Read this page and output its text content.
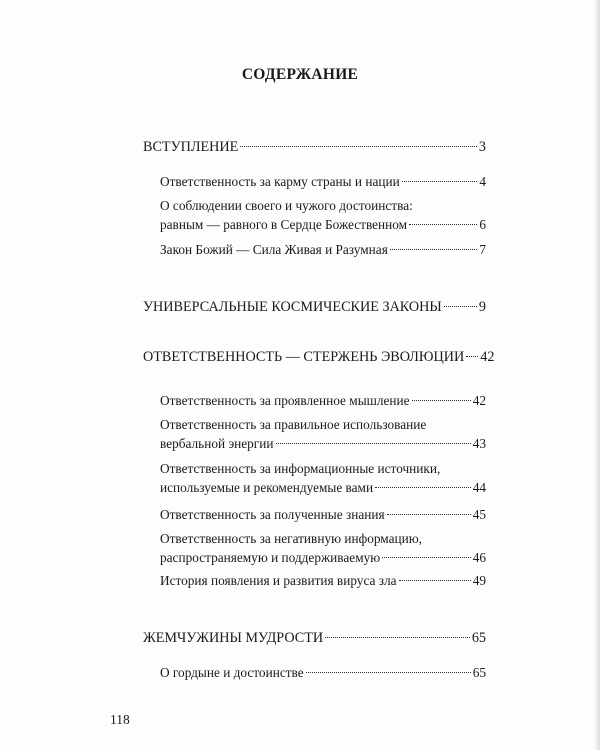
СОДЕРЖАНИЕ
ВСТУПЛЕНИЕ	3
Ответственность за карму страны и нации	4
О соблюдении своего и чужого достоинства:
равным — равного в Сердце Божественном	6
Закон Божий — Сила Живая и Разумная	7
УНИВЕРСАЛЬНЫЕ КОСМИЧЕСКИЕ ЗАКОНЫ	9
ОТВЕТСТВЕННОСТЬ — СТЕРЖЕНЬ ЭВОЛЮЦИИ 42
Ответственность за проявленное мышление	42
Ответственность за правильное использование
вербальной энергии	43
Ответственность за информационные источники,
используемые и рекомендуемые вами	44
Ответственность за полученные знания	45
Ответственность за негативную информацию,
распространяемую и поддерживаемую	46
История появления и развития вируса зла	49
ЖЕМЧУЖИНЫ МУДРОСТИ	65
О гордыне и достоинстве	65
118
